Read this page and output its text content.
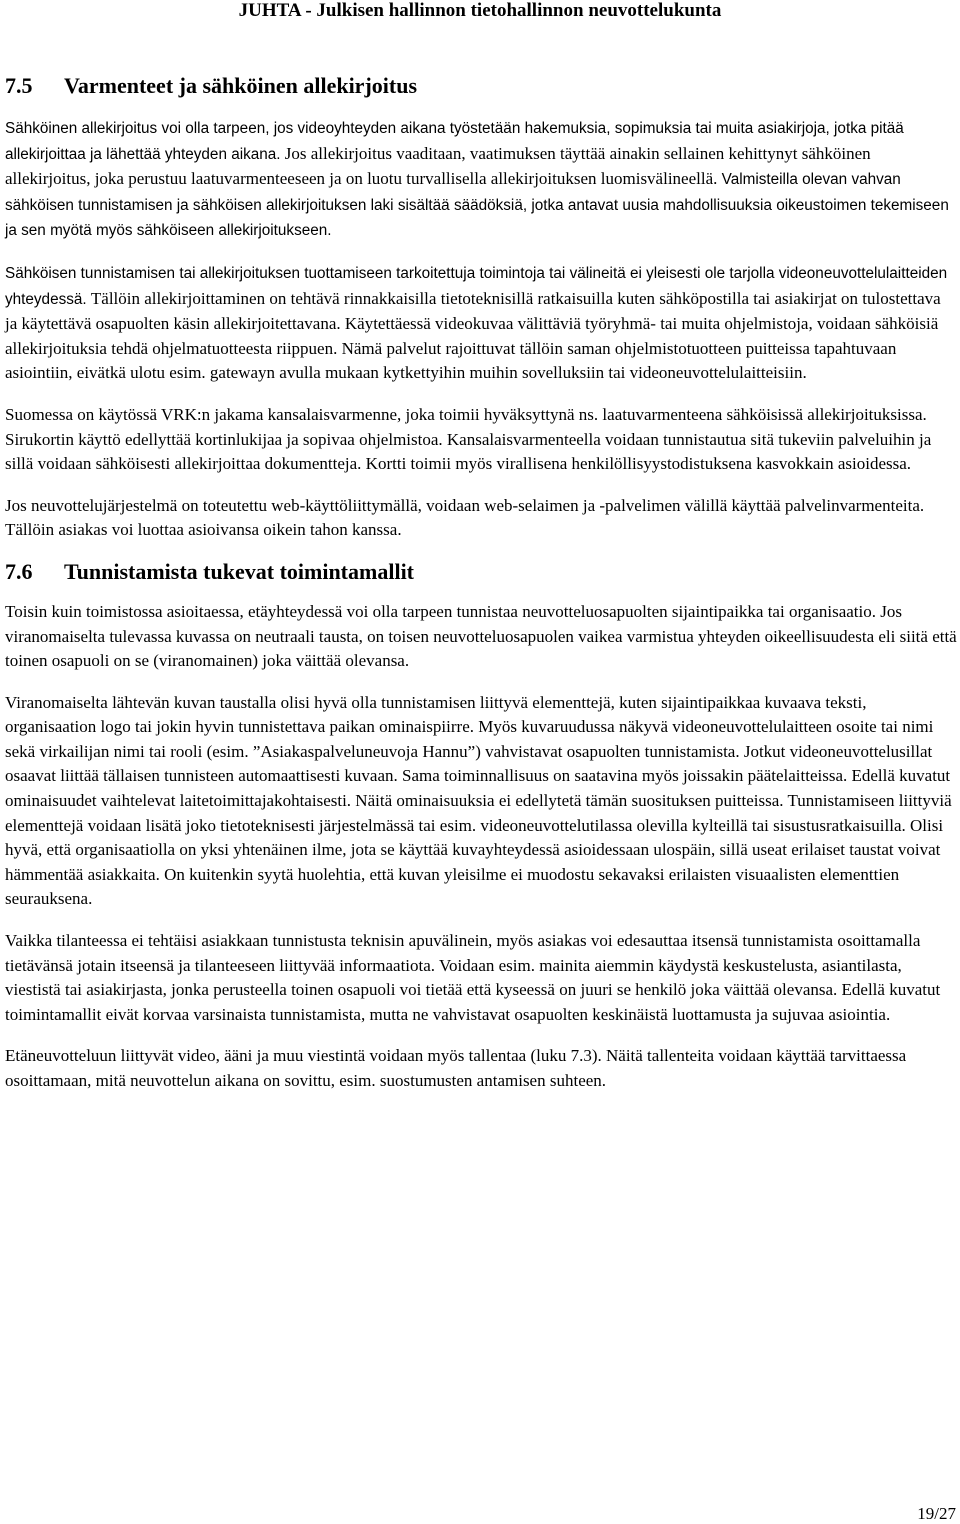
JUHTA - Julkisen hallinnon tietohallinnon neuvottelukunta
7.5	Varmenteet ja sähköinen allekirjoitus

Sähköinen allekirjoitus voi olla tarpeen, jos videoyhteyden aikana työstetään hakemuksia, sopimuksia tai muita asiakirjoja, jotka pitää allekirjoittaa ja lähettää yhteyden aikana. Jos allekirjoitus vaaditaan, vaatimuksen täyttää ainakin sellainen kehittynyt sähköinen allekirjoitus, joka perustuu laatuvarmenteeseen ja on luotu turvallisella allekirjoituksen luomisvälineellä. Valmisteilla olevan vahvan sähköisen tunnistamisen ja sähköisen allekirjoituksen laki sisältää säädöksiä, jotka antavat uusia mahdollisuuksia oikeustoimen tekemiseen ja sen myötä myös sähköiseen allekirjoitukseen.

Sähköisen tunnistamisen tai allekirjoituksen tuottamiseen tarkoitettuja toimintoja tai välineitä ei yleisesti ole tarjolla videoneuvottelulaitteiden yhteydessä. Tällöin allekirjoittaminen on tehtävä rinnakkaisilla tietoteknisillä ratkaisuilla kuten sähköpostilla tai asiakirjat on tulostettava ja käytettävä osapuolten käsin allekirjoitettavana. Käytettäessä videokuvaa välittäviä työryhmä- tai muita ohjelmistoja, voidaan sähköisiä allekirjoituksia tehdä ohjelmatuotteesta riippuen. Nämä palvelut rajoittuvat tällöin saman ohjelmistotuotteen puitteissa tapahtuvaan asiointiin, eivätkä ulotu esim. gatewayn avulla mukaan kytkettyihin muihin sovelluksiin tai videoneuvottelulaitteisiin.

Suomessa on käytössä VRK:n jakama kansalaisvarmenne, joka toimii hyväksyttynä ns. laatuvarmenteena sähköisissä allekirjoituksissa. Sirukortin käyttö edellyttää kortinlukijaa ja sopivaa ohjelmistoa. Kansalaisvarmenteella voidaan tunnistautua sitä tukeviin palveluihin ja sillä voidaan sähköisesti allekirjoittaa dokumentteja. Kortti toimii myös virallisena henkilöllisyystodistuksena kasvokkain asioidessa.

Jos neuvottelujärjestelmä on toteutettu web-käyttöliittymällä, voidaan web-selaimen ja -palvelimen välillä käyttää palvelinvarmenteita. Tällöin asiakas voi luottaa asioivansa oikein tahon kanssa.

7.6	Tunnistamista tukevat toimintamallit

Toisin kuin toimistossa asioitaessa, etäyhteydessä voi olla tarpeen tunnistaa neuvotteluosapuolten sijaintipaikka tai organisaatio. Jos viranomaiselta tulevassa kuvassa on neutraali tausta, on toisen neuvotteluosapuolen vaikea varmistua yhteyden oikeellisuudesta eli siitä että toinen osapuoli on se (viranomainen) joka väittää olevansa.

Viranomaiselta lähtevän kuvan taustalla olisi hyvä olla tunnistamisen liittyvä elementtejä, kuten sijaintipaikkaa kuvaava teksti, organisaation logo tai jokin hyvin tunnistettava paikan ominaispiirre. Myös kuvaruudussa näkyvä videoneuvottelulaitteen osoite tai nimi sekä virkailijan nimi tai rooli (esim. ”Asiakaspalveluneuvoja Hannu”) vahvistavat osapuolten tunnistamista. Jotkut videoneuvottelusillat osaavat liittää tällaisen tunnisteen automaattisesti kuvaan. Sama toiminnallisuus on saatavina myös joissakin päätelaitteissa. Edellä kuvatut ominaisuudet vaihtelevat laitetoimittajakohtaisesti. Näitä ominaisuuksia ei edellytetä tämän suosituksen puitteissa. Tunnistamiseen liittyviä elementtejä voidaan lisätä joko tietoteknisesti järjestelmässä tai esim. videoneuvottelutilassa olevilla kylteillä tai sisustusratkaisuilla. Olisi hyvä, että organisaatiolla on yksi yhtenäinen ilme, jota se käyttää kuvayhteydessä asioidessaan ulospäin, sillä useat erilaiset taustat voivat hämmentää asiakkaita. On kuitenkin syytä huolehtia, että kuvan yleisilme ei muodostu sekavaksi erilaisten visuaalisten elementtien seurauksena.

Vaikka tilanteessa ei tehtäisi asiakkaan tunnistusta teknisin apuvälinein, myös asiakas voi edesauttaa itsensä tunnistamista osoittamalla tietävänsä jotain itseensä ja tilanteeseen liittyvää informaatiota. Voidaan esim. mainita aiemmin käydystä keskustelusta, asiantilasta, viestistä tai asiakirjasta, jonka perusteella toinen osapuoli voi tietää että kyseessä on juuri se henkilö joka väittää olevansa. Edellä kuvatut toimintamallit eivät korvaa varsinaista tunnistamista, mutta ne vahvistavat osapuolten keskinäistä luottamusta ja sujuvaa asiointia.

Etäneuvotteluun liittyvät video, ääni ja muu viestintä voidaan myös tallentaa (luku 7.3). Näitä tallenteita voidaan käyttää tarvittaessa osoittamaan, mitä neuvottelun aikana on sovittu, esim. suostumusten antamisen suhteen.

19/27
